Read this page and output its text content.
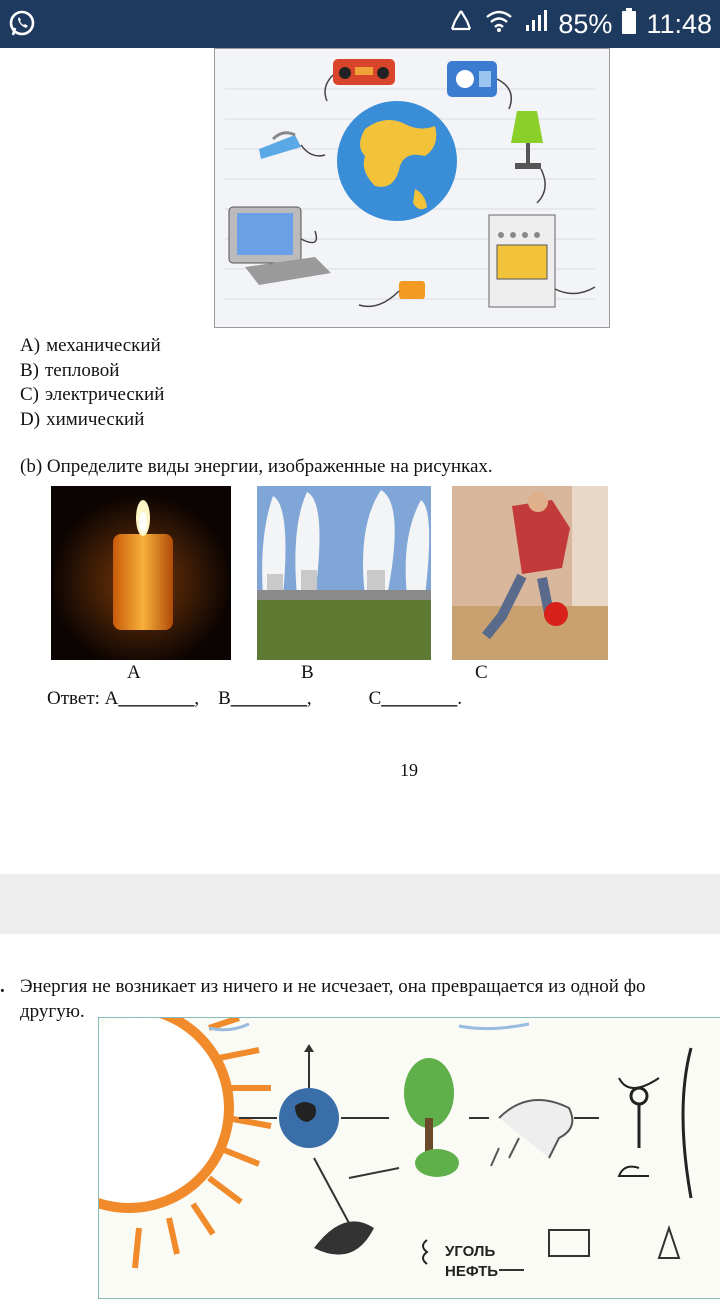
85% 11:48
A) механический
B) тепловой
C) электрический
D) химический
(b) Определите виды энергии, изображенные на рисунках.
A	B	C
Ответ: A________,    B________,            C________.
19
. Энергия не возникает из ничего и не исчезает, она превращается из одной фо
другую.
УГОЛЬ
НЕФТЬ
